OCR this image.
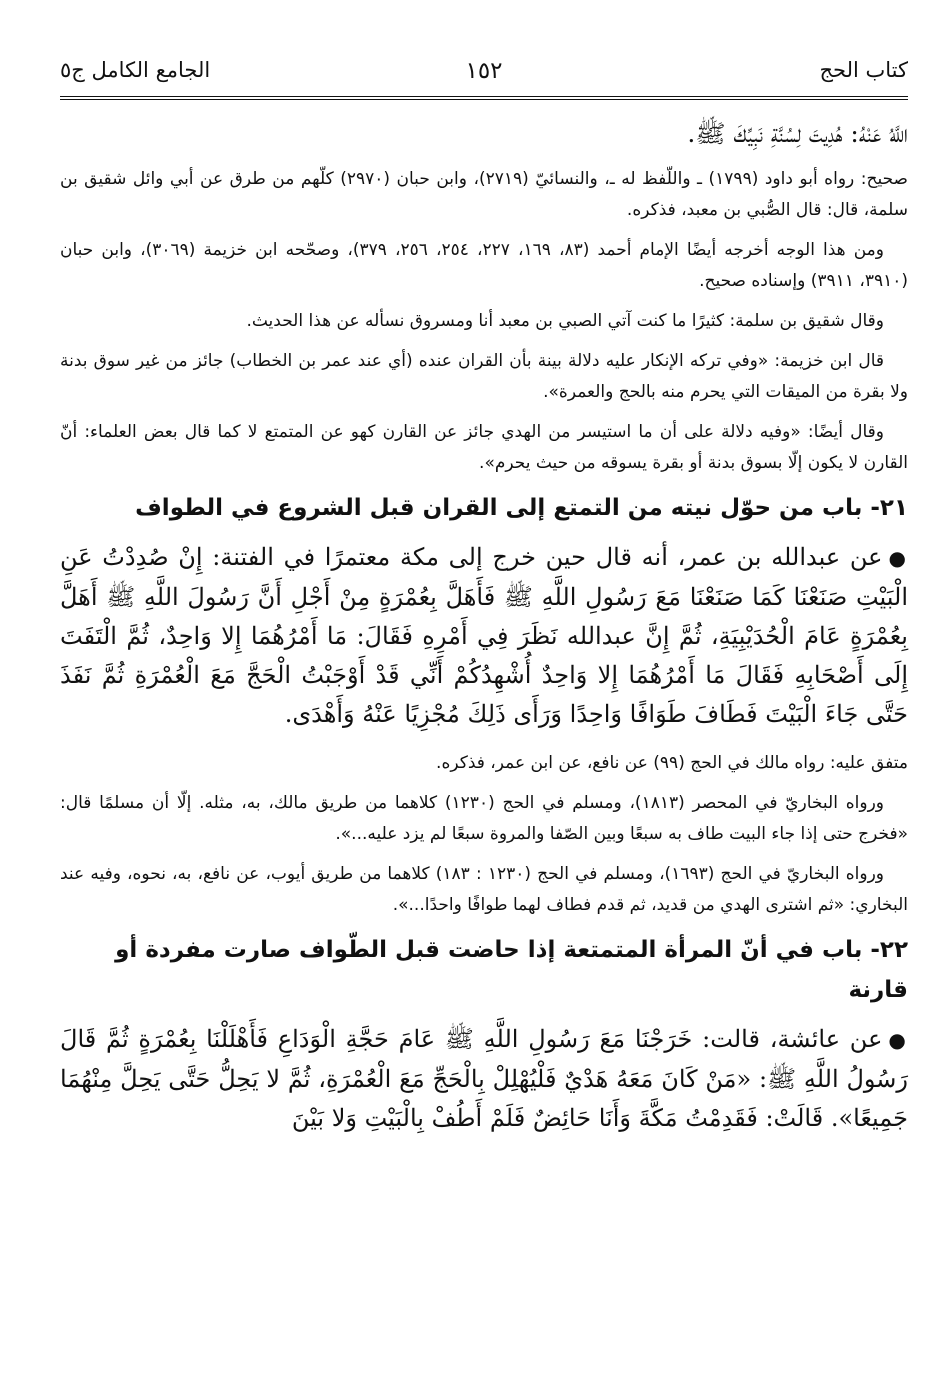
كتاب الحج
١٥٢
الجامع الكامل ج٥

اللَّهُ عَنْهُ: هُدِيتَ لِسُنَّةِ نَبِيِّكَ ﷺ.

صحيح: رواه أبو داود (١٧٩٩) ـ واللّفظ له ـ، والنسائيّ (٢٧١٩)، وابن حبان (٢٩٧٠) كلّهم من طرق عن أبي وائل شقيق بن سلمة، قال: قال الصُّبي بن معبد، فذكره.

ومن هذا الوجه أخرجه أيضًا الإمام أحمد (٨٣، ١٦٩، ٢٢٧، ٢٥٤، ٢٥٦، ٣٧٩)، وصحّحه ابن خزيمة (٣٠٦٩)، وابن حبان (٣٩١٠، ٣٩١١) وإسناده صحيح.

وقال شقيق بن سلمة: كثيرًا ما كنت آتي الصبي بن معبد أنا ومسروق نسأله عن هذا الحديث.

قال ابن خزيمة: «وفي تركه الإنكار عليه دلالة بينة بأن القران عنده (أي عند عمر بن الخطاب) جائز من غير سوق بدنة ولا بقرة من الميقات التي يحرم منه بالحج والعمرة».

وقال أيضًا: «وفيه دلالة على أن ما استيسر من الهدي جائز عن القارن كهو عن المتمتع لا كما قال بعض العلماء: أنّ القارن لا يكون إلّا بسوق بدنة أو بقرة يسوقه من حيث يحرم».

٢١- باب من حوّل نيته من التمتع إلى القران قبل الشروع في الطواف

●عن عبدالله بن عمر، أنه قال حين خرج إلى مكة معتمرًا في الفتنة: إِنْ صُدِدْتُ عَنِ الْبَيْتِ صَنَعْنَا كَمَا صَنَعْنَا مَعَ رَسُولِ اللَّهِ ﷺ فَأَهَلَّ بِعُمْرَةٍ مِنْ أَجْلِ أَنَّ رَسُولَ اللَّهِ ﷺ أَهَلَّ بِعُمْرَةٍ عَامَ الْحُدَيْبِيَةِ، ثُمَّ إِنَّ عبدالله نَظَرَ فِي أَمْرِهِ فَقَالَ: مَا أَمْرُهُمَا إِلا وَاحِدٌ، ثُمَّ الْتَفَتَ إِلَى أَصْحَابِهِ فَقَالَ مَا أَمْرُهُمَا إِلا وَاحِدٌ أُشْهِدُكُمْ أَنِّي قَدْ أَوْجَبْتُ الْحَجَّ مَعَ الْعُمْرَةِ ثُمَّ نَفَذَ حَتَّى جَاءَ الْبَيْتَ فَطَافَ طَوَافًا وَاحِدًا وَرَأَى ذَلِكَ مُجْزِيًا عَنْهُ وَأَهْدَى.

متفق عليه: رواه مالك في الحج (٩٩) عن نافع، عن ابن عمر، فذكره.

ورواه البخاريّ في المحصر (١٨١٣)، ومسلم في الحج (١٢٣٠) كلاهما من طريق مالك، به، مثله. إلّا أن مسلمًا قال: «فخرج حتى إذا جاء البيت طاف به سبعًا وبين الصّفا والمروة سبعًا لم يزد عليه...».

ورواه البخاريّ في الحج (١٦٩٣)، ومسلم في الحج (١٢٣٠ : ١٨٣) كلاهما من طريق أيوب، عن نافع، به، نحوه، وفيه عند البخاري: «ثم اشترى الهدي من قديد، ثم قدم فطاف لهما طوافًا واحدًا...».

٢٢- باب في أنّ المرأة المتمتعة إذا حاضت قبل الطّواف صارت مفردة أو قارنة

●عن عائشة، قالت: خَرَجْنَا مَعَ رَسُولِ اللَّهِ ﷺ عَامَ حَجَّةِ الْوَدَاعِ فَأَهْلَلْنَا بِعُمْرَةٍ ثُمَّ قَالَ رَسُولُ اللَّهِ ﷺ: «مَنْ كَانَ مَعَهُ هَدْيٌ فَلْيُهْلِلْ بِالْحَجِّ مَعَ الْعُمْرَةِ، ثُمَّ لا يَحِلُّ حَتَّى يَحِلَّ مِنْهُمَا جَمِيعًا». قَالَتْ: فَقَدِمْتُ مَكَّةَ وَأَنَا حَائِضٌ فَلَمْ أَطُفْ بِالْبَيْتِ وَلا بَيْنَ
